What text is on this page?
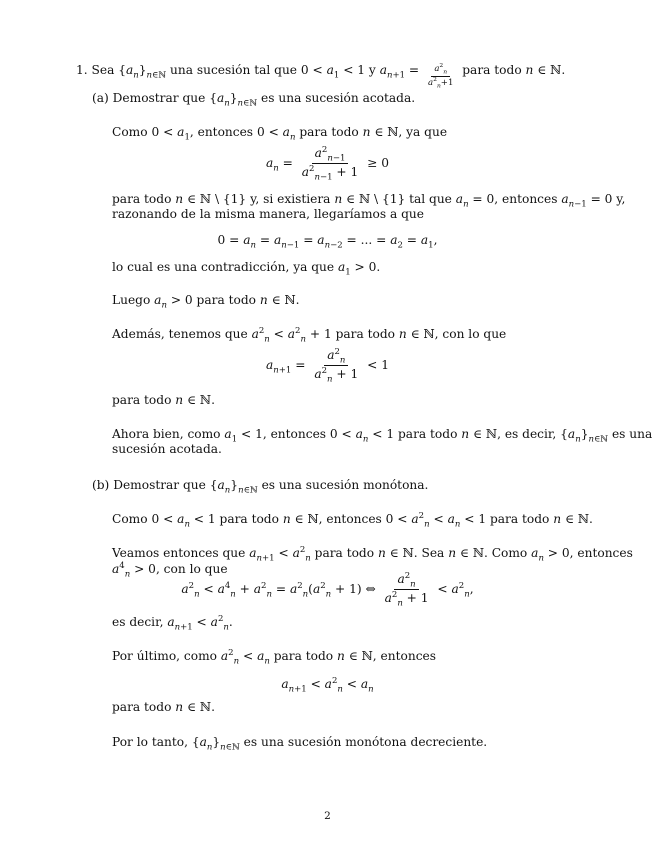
1. Sea $\{a_n\}_{n\in ℕ}$ una sucesión tal que $0 < a_1 < 1$ y $a_{n+1} = \frac{a^2_n}{a^2_n+1}$ para todo n ∈ ℕ.
(a) Demostrar que $\{a_n\}_{n\in ℕ}$ es una sucesión acotada.
Como $0 < a_1$, entonces $0 < a_n$ para todo n ∈ ℕ, ya que
$a_n = \frac{a^2_{n-1}}{a^2_{n-1} + 1} \ge 0$
para todo n ∈ ℕ \ {1} y, si existiera n ∈ ℕ \ {1} tal que $a_n = 0$, entonces $a_{n-1} = 0$ y,
razonando de la misma manera, llegaríamos a que
$0 = a_n = a_{n-1} = a_{n-2}$ = ... = $a_2 = a_1$,
lo cual es una contradicción, ya que $a_1 > 0$.
Luego $a_n > 0$ para todo n ∈ ℕ.
Además, tenemos que $a^2_n < a^2_n + 1$ para todo n ∈ ℕ, con lo que
$a_{n+1} = \frac{a^2_n}{a^2_n + 1} < 1$
para todo n ∈ ℕ.
Ahora bien, como $a_1 < 1$, entonces $0 < a_n < 1$ para todo n ∈ ℕ, es decir, $\{a_n\}_{n\in ℕ}$ es una
sucesión acotada.
(b) Demostrar que $\{a_n\}_{n\in ℕ}$ es una sucesión monótona.
Como $0 < a_n < 1$ para todo n ∈ ℕ, entonces $0 < a^2_n < a_n < 1$ para todo n ∈ ℕ.
Veamos entonces que $a_{n+1} < a^2_n$ para todo n ∈ ℕ. Sea n ∈ ℕ. Como $a_n > 0$, entonces
$a^4_n > 0$, con lo que
$a^2_n < a^4_n + a^2_n = a^2_n(a^2_n + 1)$ ⇔ $\frac{a^2_n}{a^2_n + 1} < a^2_n$,
es decir, $a_{n+1} < a^2_n$.
Por último, como $a^2_n < a_n$ para todo n ∈ ℕ, entonces
$a_{n+1} < a^2_n < a_n$
para todo n ∈ ℕ.
Por lo tanto, $\{a_n\}_{n\in ℕ}$ es una sucesión monótona decreciente.
2
